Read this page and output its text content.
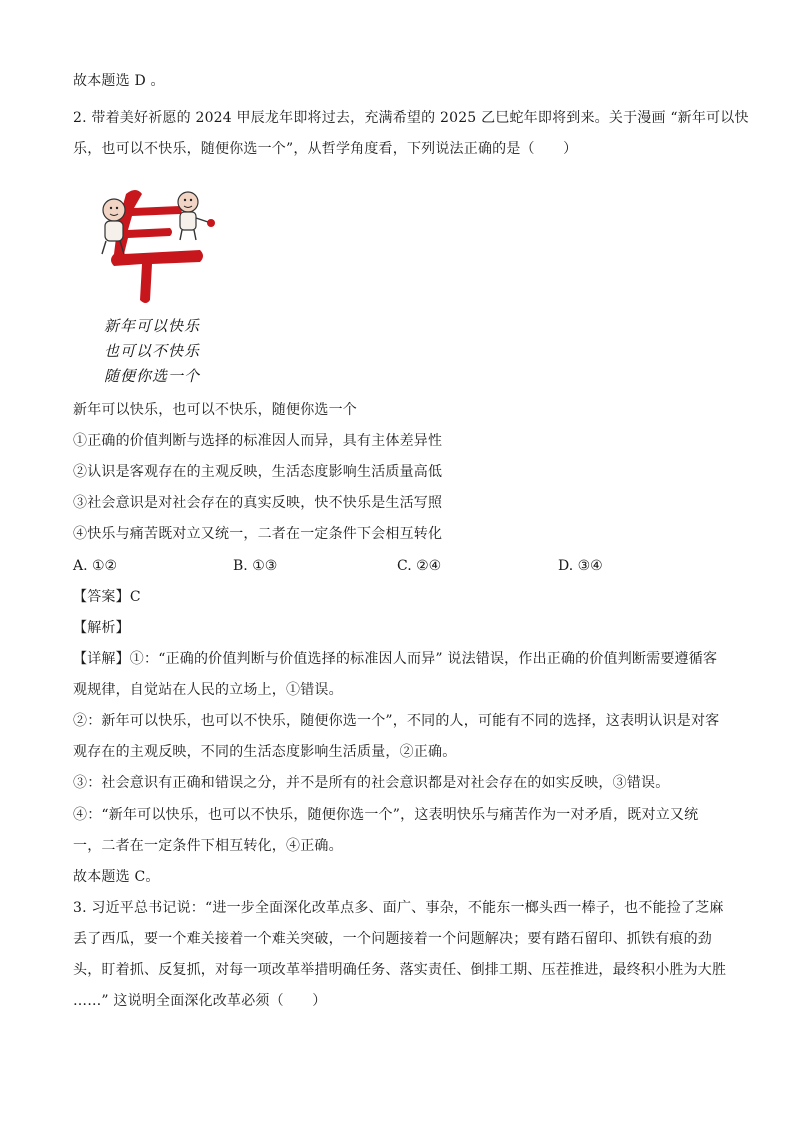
故本题选 D 。
2. 带着美好祈愿的 2024 甲辰龙年即将过去，充满希望的 2025 乙巳蛇年即将到来。关于漫画 “新年可以快
乐，也可以不快乐，随便你选一个”，从哲学角度看，下列说法正确的是（　　）
新年可以快乐
也可以不快乐
随便你选一个
新年可以快乐，也可以不快乐，随便你选一个
①正确的价值判断与选择的标准因人而异，具有主体差异性
②认识是客观存在的主观反映，生活态度影响生活质量高低
③社会意识是对社会存在的真实反映，快不快乐是生活写照
④快乐与痛苦既对立又统一，二者在一定条件下会相互转化
A. ①②	B. ①③	C. ②④	D. ③④
【答案】C
【解析】
【详解】①：“正确的价值判断与价值选择的标准因人而异” 说法错误，作出正确的价值判断需要遵循客
观规律，自觉站在人民的立场上，①错误。
②：新年可以快乐，也可以不快乐，随便你选一个”，不同的人，可能有不同的选择，这表明认识是对客
观存在的主观反映，不同的生活态度影响生活质量，②正确。
③：社会意识有正确和错误之分，并不是所有的社会意识都是对社会存在的如实反映，③错误。
④：“新年可以快乐，也可以不快乐，随便你选一个”，这表明快乐与痛苦作为一对矛盾，既对立又统
一，二者在一定条件下相互转化，④正确。
故本题选 C。
3. 习近平总书记说：“进一步全面深化改革点多、面广、事杂，不能东一榔头西一棒子，也不能捡了芝麻
丢了西瓜，要一个难关接着一个难关突破，一个问题接着一个问题解决；要有踏石留印、抓铁有痕的劲
头，盯着抓、反复抓，对每一项改革举措明确任务、落实责任、倒排工期、压茬推进，最终积小胜为大胜
……” 这说明全面深化改革必须（　　）
